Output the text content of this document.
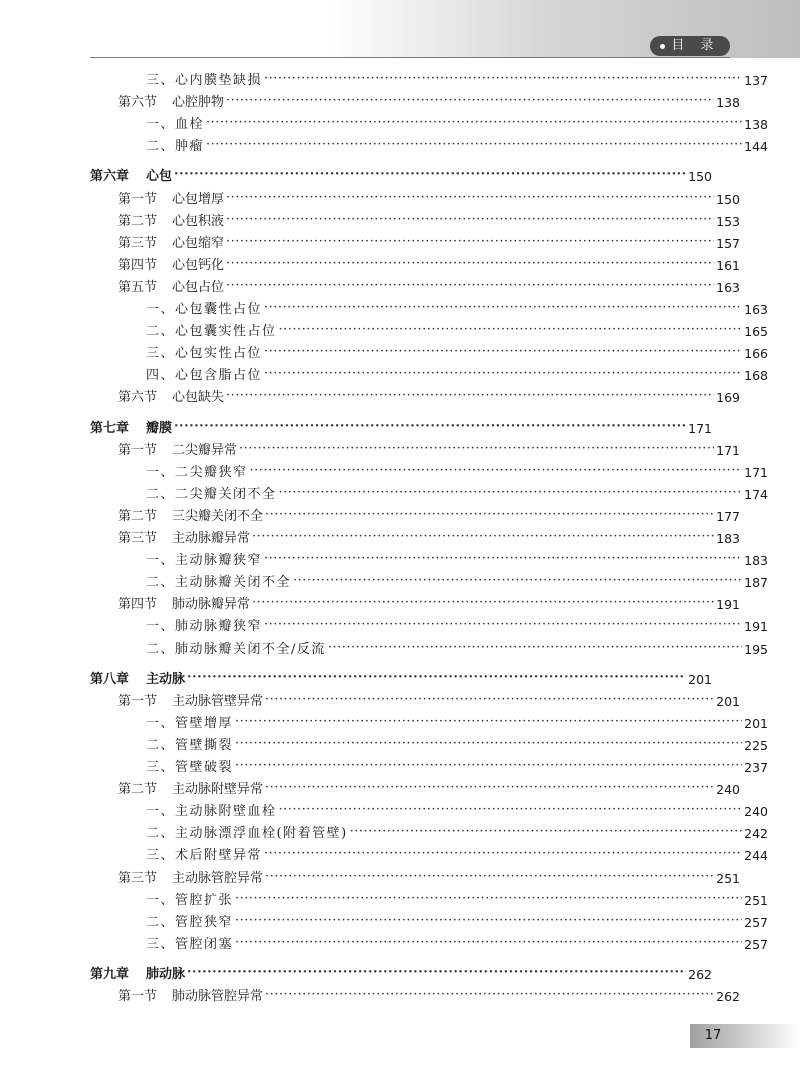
目 录
三、心内膜垫缺损 ·····	137
第六节 心腔肿物 ·····	138
一、血栓 ·····	138
二、肿瘤 ·····	144
第六章 心包 ·····	150
第一节 心包增厚 ·····	150
第二节 心包积液 ·····	153
第三节 心包缩窄 ·····	157
第四节 心包钙化 ·····	161
第五节 心包占位 ·····	163
一、心包囊性占位 ·····	163
二、心包囊实性占位 ·····	165
三、心包实性占位 ·····	166
四、心包含脂占位 ·····	168
第六节 心包缺失 ·····	169
第七章 瓣膜 ·····	171
第一节 二尖瓣异常 ·····	171
一、二尖瓣狭窄 ·····	171
二、二尖瓣关闭不全 ·····	174
第二节 三尖瓣关闭不全 ·····	177
第三节 主动脉瓣异常 ·····	183
一、主动脉瓣狭窄 ·····	183
二、主动脉瓣关闭不全 ·····	187
第四节 肺动脉瓣异常 ·····	191
一、肺动脉瓣狭窄 ·····	191
二、肺动脉瓣关闭不全/反流 ·····	195
第八章 主动脉 ·····	201
第一节 主动脉管壁异常 ·····	201
一、管壁增厚 ·····	201
二、管壁撕裂 ·····	225
三、管壁破裂 ·····	237
第二节 主动脉附壁异常 ·····	240
一、主动脉附壁血栓 ·····	240
二、主动脉漂浮血栓(附着管壁) ·····	242
三、术后附壁异常 ·····	244
第三节 主动脉管腔异常 ·····	251
一、管腔扩张 ·····	251
二、管腔狭窄 ·····	257
三、管腔闭塞 ·····	257
第九章 肺动脉 ·····	262
第一节 肺动脉管腔异常 ·····	262
17
